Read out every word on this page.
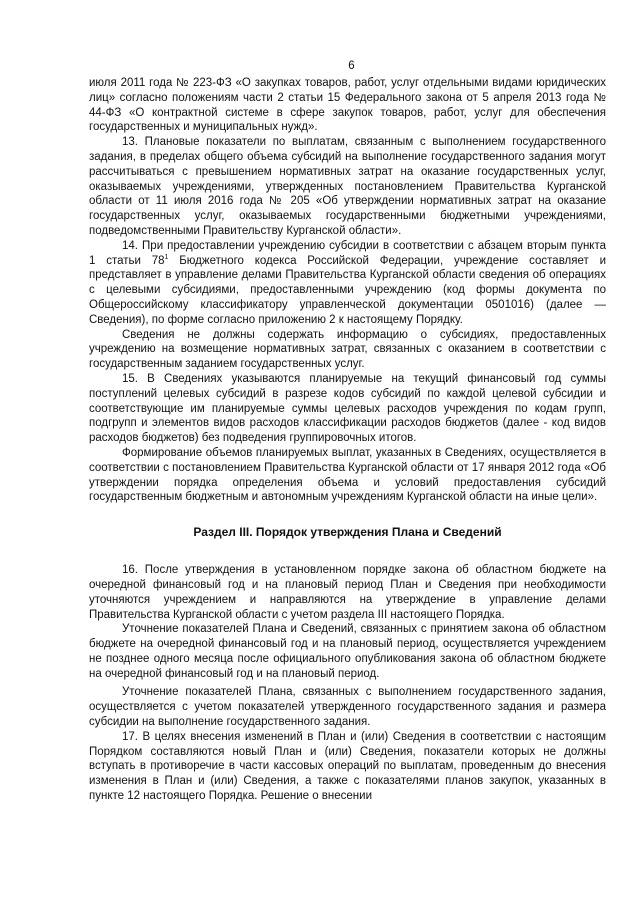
6

июля 2011 года № 223-ФЗ «О закупках товаров, работ, услуг отдельными видами юридических лиц» согласно положениям части 2 статьи 15 Федерального закона от 5 апреля 2013 года № 44-ФЗ «О контрактной системе в сфере закупок товаров, работ, услуг для обеспечения государственных и муниципальных нужд».

13. Плановые показатели по выплатам, связанным с выполнением государственного задания, в пределах общего объема субсидий на выполнение государственного задания могут рассчитываться с превышением нормативных затрат на оказание государственных услуг, оказываемых учреждениями, утвержденных постановлением Правительства Курганской области от 11 июля 2016 года № 205 «Об утверждении нормативных затрат на оказание государственных услуг, оказываемых государственными бюджетными учреждениями, подведомственными Правительству Курганской области».

14. При предоставлении учреждению субсидии в соответствии с абзацем вторым пункта 1 статьи $78^1$ Бюджетного кодекса Российской Федерации, учреждение составляет и представляет в управление делами Правительства Курганской области сведения об операциях с целевыми субсидиями, предоставленными учреждению (код формы документа по Общероссийскому классификатору управленческой документации 0501016) (далее — Сведения), по форме согласно приложению 2 к настоящему Порядку.

Сведения не должны содержать информацию о субсидиях, предоставленных учреждению на возмещение нормативных затрат, связанных с оказанием в соответствии с государственным заданием государственных услуг.

15. В Сведениях указываются планируемые на текущий финансовый год суммы поступлений целевых субсидий в разрезе кодов субсидий по каждой целевой субсидии и соответствующие им планируемые суммы целевых расходов учреждения по кодам групп, подгрупп и элементов видов расходов классификации расходов бюджетов (далее - код видов расходов бюджетов) без подведения группировочных итогов.

Формирование объемов планируемых выплат, указанных в Сведениях, осуществляется в соответствии с постановлением Правительства Курганской области от 17 января 2012 года «Об утверждении порядка определения объема и условий предоставления субсидий государственным бюджетным и автономным учреждениям Курганской области на иные цели».

Раздел III. Порядок утверждения Плана и Сведений

16. После утверждения в установленном порядке закона об областном бюджете на очередной финансовый год и на плановый период План и Сведения при необходимости уточняются учреждением и направляются на утверждение в управление делами Правительства Курганской области с учетом раздела III настоящего Порядка.

Уточнение показателей Плана и Сведений, связанных с принятием закона об областном бюджете на очередной финансовый год и на плановый период, осуществляется учреждением не позднее одного месяца после официального опубликования закона об областном бюджете на очередной финансовый год и на плановый период.

Уточнение показателей Плана, связанных с выполнением государственного задания, осуществляется с учетом показателей утвержденного государственного задания и размера субсидии на выполнение государственного задания.

17. В целях внесения изменений в План и (или) Сведения в соответствии с настоящим Порядком составляются новый План и (или) Сведения, показатели которых не должны вступать в противоречие в части кассовых операций по выплатам, проведенным до внесения изменения в План и (или) Сведения, а также с показателями планов закупок, указанных в пункте 12 настоящего Порядка. Решение о внесении
